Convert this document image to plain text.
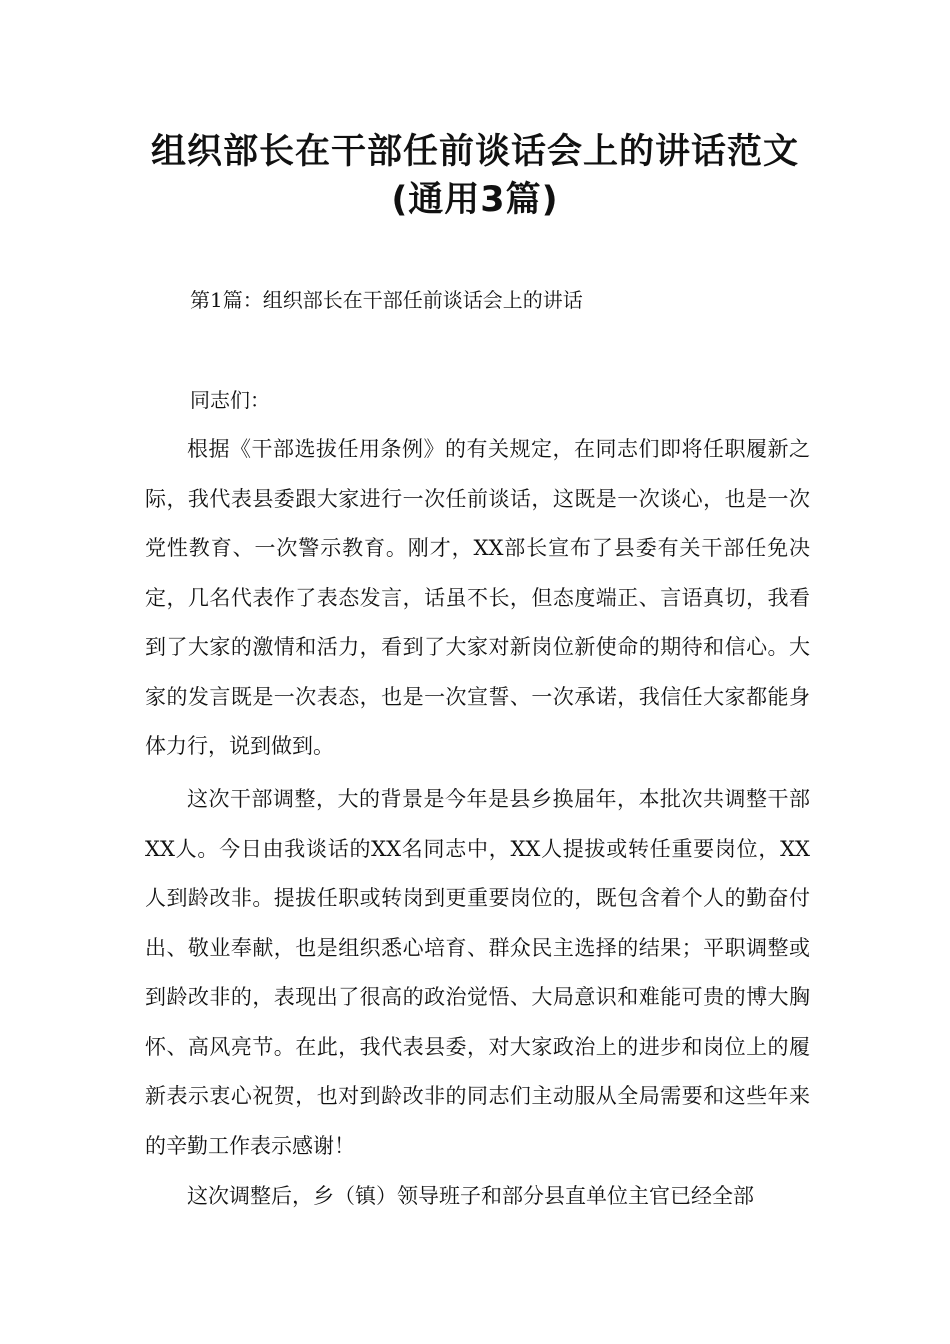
组织部长在干部任前谈话会上的讲话范文(通用3篇)

第1篇：组织部长在干部任前谈话会上的讲话

同志们：

根据《干部选拔任用条例》的有关规定，在同志们即将任职履新之际，我代表县委跟大家进行一次任前谈话，这既是一次谈心，也是一次党性教育、一次警示教育。刚才，XX部长宣布了县委有关干部任免决定，几名代表作了表态发言，话虽不长，但态度端正、言语真切，我看到了大家的激情和活力，看到了大家对新岗位新使命的期待和信心。大家的发言既是一次表态，也是一次宣誓、一次承诺，我信任大家都能身体力行，说到做到。

这次干部调整，大的背景是今年是县乡换届年，本批次共调整干部XX人。今日由我谈话的XX名同志中，XX人提拔或转任重要岗位，XX人到龄改非。提拔任职或转岗到更重要岗位的，既包含着个人的勤奋付出、敬业奉献，也是组织悉心培育、群众民主选择的结果；平职调整或到龄改非的，表现出了很高的政治觉悟、大局意识和难能可贵的博大胸怀、高风亮节。在此，我代表县委，对大家政治上的进步和岗位上的履新表示衷心祝贺，也对到龄改非的同志们主动服从全局需要和这些年来的辛勤工作表示感谢！

这次调整后，乡（镇）领导班子和部分县直单位主官已经全部
